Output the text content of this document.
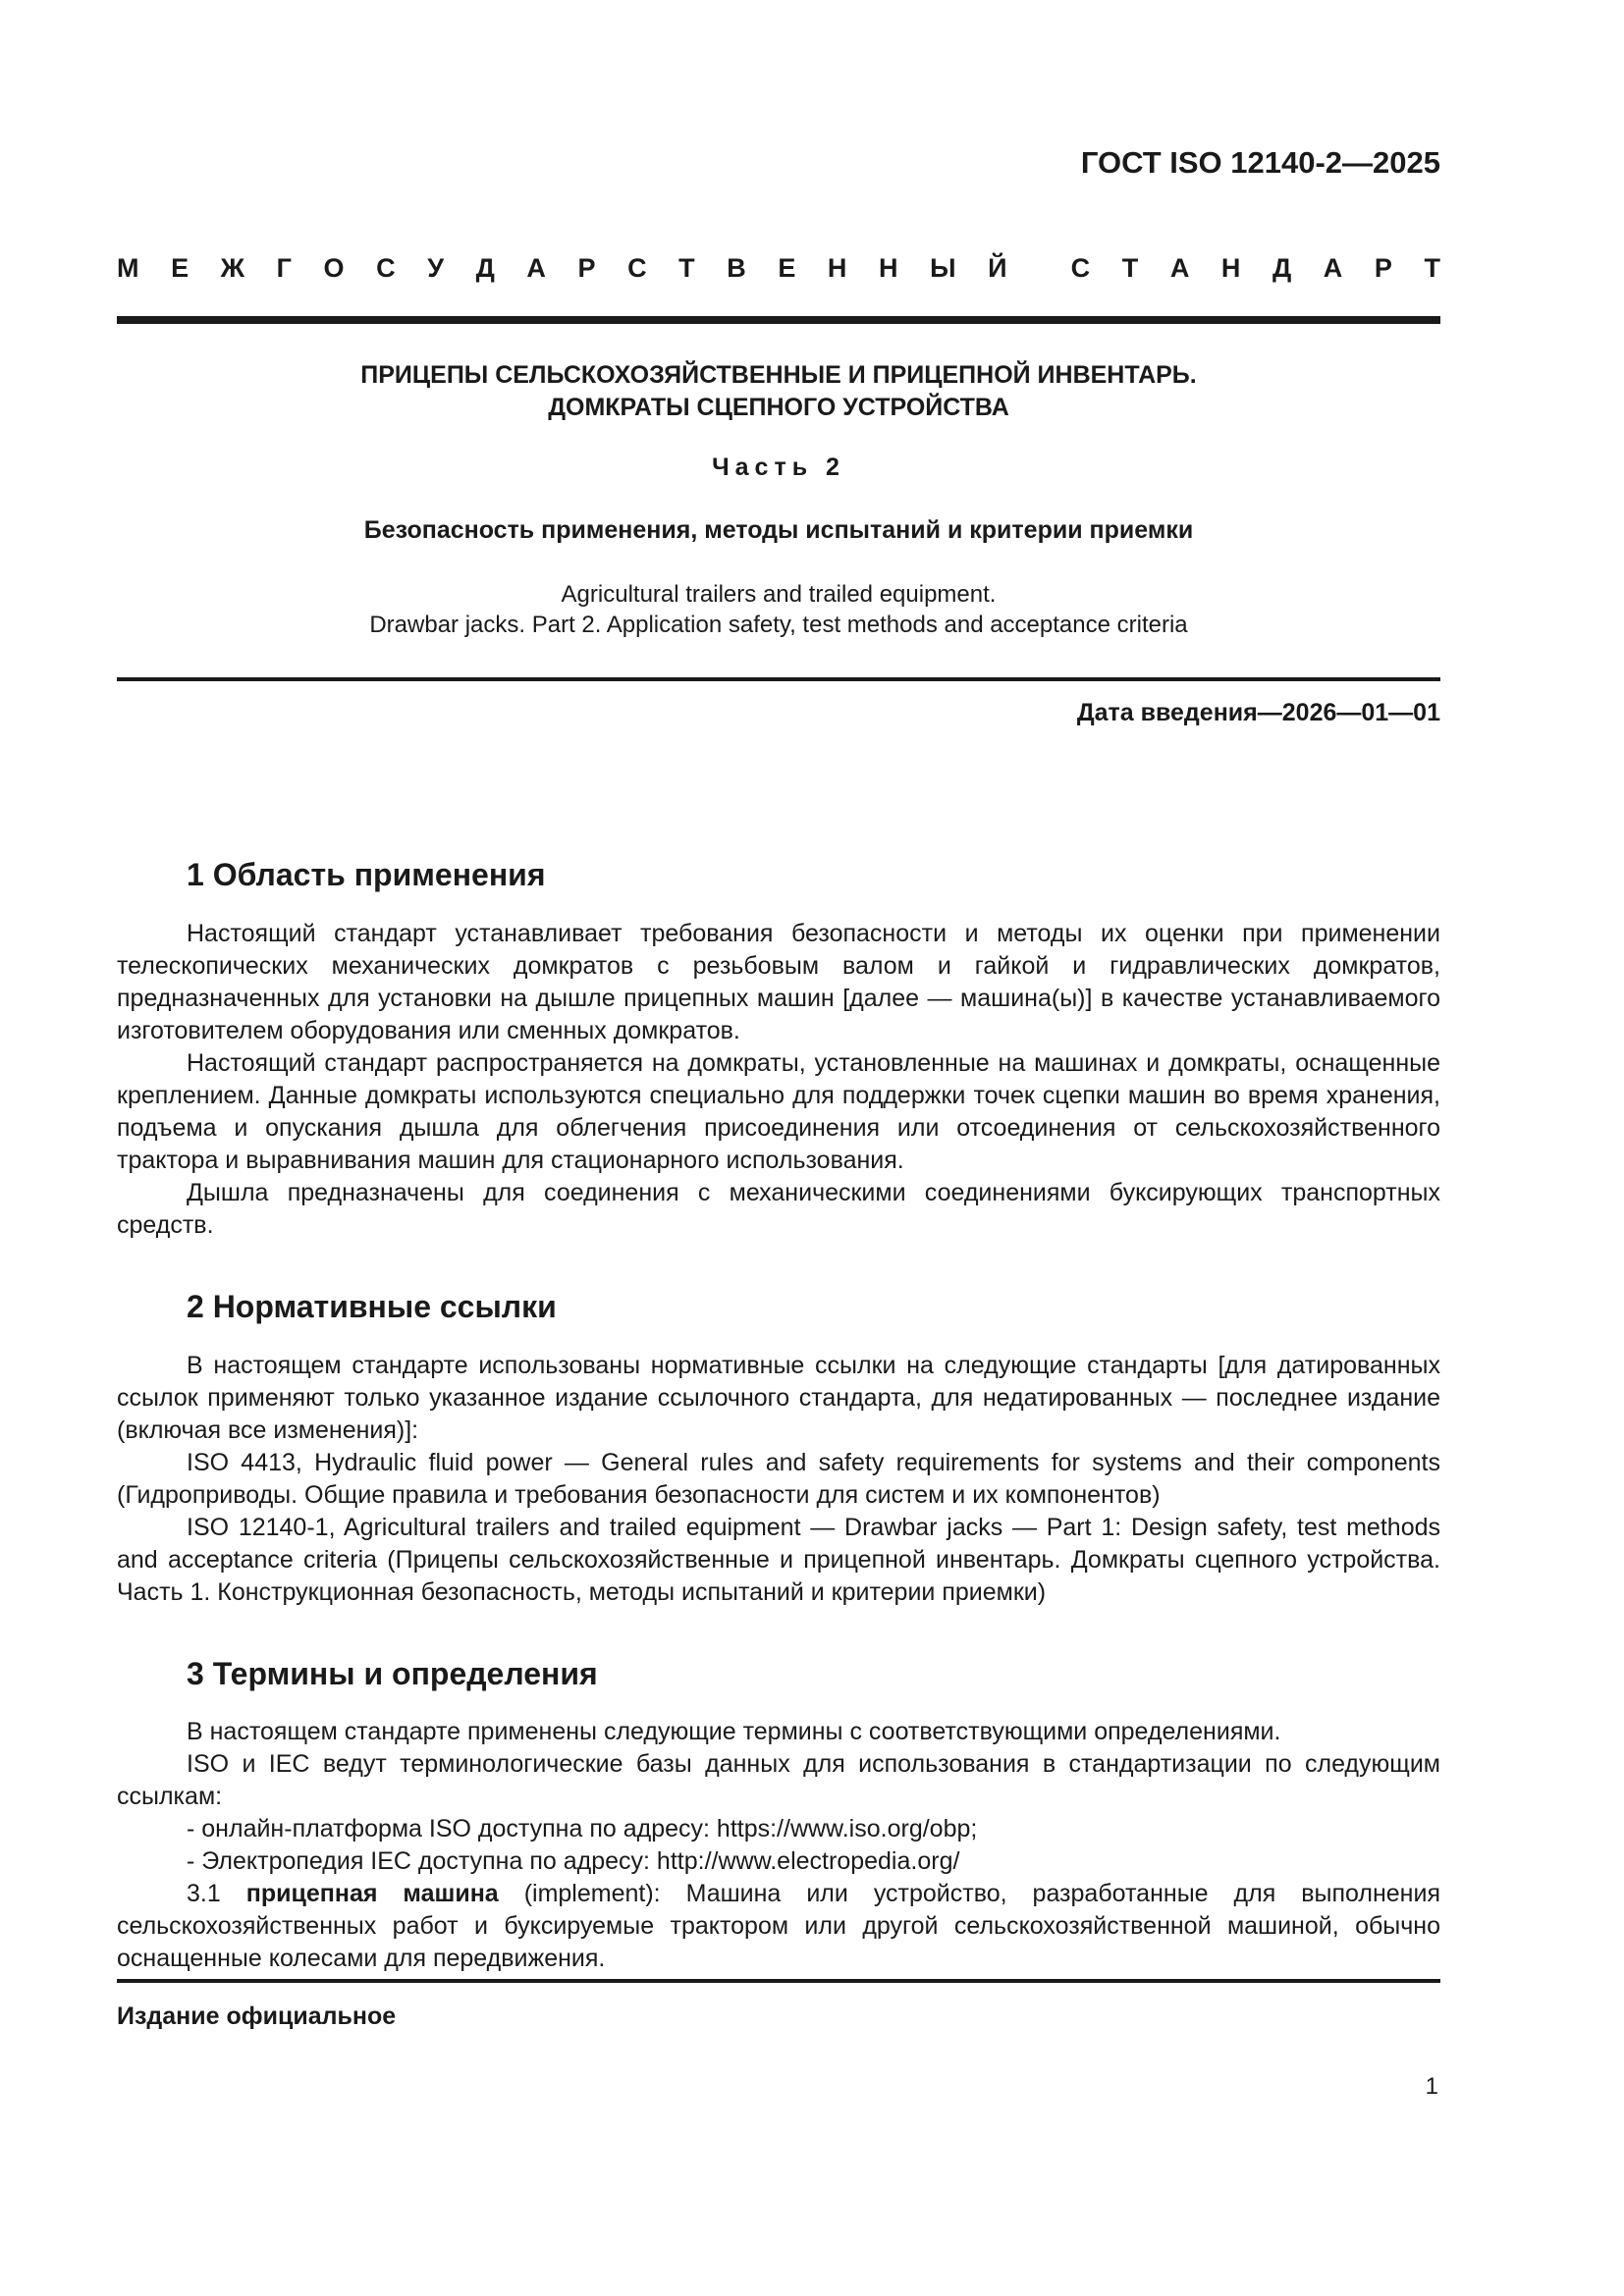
ГОСТ ISO 12140-2—2025
М Е Ж Г О С У Д А Р С Т В Е Н Н Ы Й С Т А Н Д А Р Т
ПРИЦЕПЫ СЕЛЬСКОХОЗЯЙСТВЕННЫЕ И ПРИЦЕПНОЙ ИНВЕНТАРЬ.
ДОМКРАТЫ СЦЕПНОГО УСТРОЙСТВА
Часть 2
Безопасность применения, методы испытаний и критерии приемки
Agricultural trailers and trailed equipment.
Drawbar jacks. Part 2. Application safety, test methods and acceptance criteria
Дата введения—2026—01—01
1 Область применения

Настоящий стандарт устанавливает требования безопасности и методы их оценки при применении телескопических механических домкратов с резьбовым валом и гайкой и гидравлических домкратов, предназначенных для установки на дышле прицепных машин [далее — машина(ы)] в качестве устанавливаемого изготовителем оборудования или сменных домкратов.

Настоящий стандарт распространяется на домкраты, установленные на машинах и домкраты, оснащенные креплением. Данные домкраты используются специально для поддержки точек сцепки машин во время хранения, подъема и опускания дышла для облегчения присоединения или отсоединения от сельскохозяйственного трактора и выравнивания машин для стационарного использования.

Дышла предназначены для соединения с механическими соединениями буксирующих транспортных средств.

2 Нормативные ссылки

В настоящем стандарте использованы нормативные ссылки на следующие стандарты [для датированных ссылок применяют только указанное издание ссылочного стандарта, для недатированных — последнее издание (включая все изменения)]:

ISO 4413, Hydraulic fluid power — General rules and safety requirements for systems and their components (Гидроприводы. Общие правила и требования безопасности для систем и их компонентов)

ISO 12140-1, Agricultural trailers and trailed equipment — Drawbar jacks — Part 1: Design safety, test methods and acceptance criteria (Прицепы сельскохозяйственные и прицепной инвентарь. Домкраты сцепного устройства. Часть 1. Конструкционная безопасность, методы испытаний и критерии приемки)

3 Термины и определения

В настоящем стандарте применены следующие термины с соответствующими определениями.

ISO и IEC ведут терминологические базы данных для использования в стандартизации по следующим ссылкам:

- онлайн-платформа ISO доступна по адресу: https://www.iso.org/obp;

- Электропедия IEC доступна по адресу: http://www.electropedia.org/

3.1 прицепная машина (implement): Машина или устройство, разработанные для выполнения сельскохозяйственных работ и буксируемые трактором или другой сельскохозяйственной машиной, обычно оснащенные колесами для передвижения.

Издание официальное
1
